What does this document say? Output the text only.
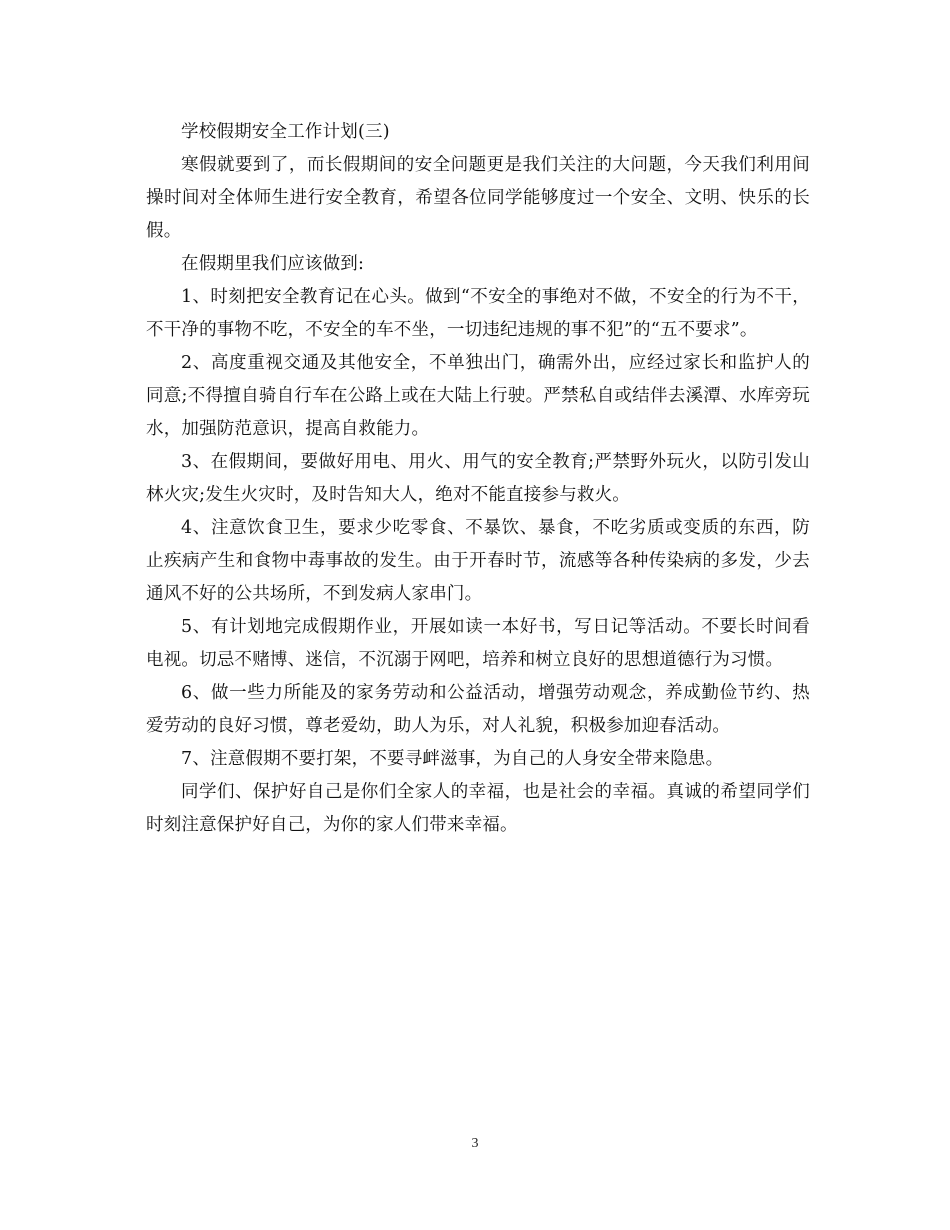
学校假期安全工作计划(三)

寒假就要到了，而长假期间的安全问题更是我们关注的大问题，今天我们利用间操时间对全体师生进行安全教育，希望各位同学能够度过一个安全、文明、快乐的长假。

在假期里我们应该做到:

1、时刻把安全教育记在心头。做到“不安全的事绝对不做，不安全的行为不干，不干净的事物不吃，不安全的车不坐，一切违纪违规的事不犯”的“五不要求”。

2、高度重视交通及其他安全，不单独出门，确需外出，应经过家长和监护人的同意;不得擅自骑自行车在公路上或在大陆上行驶。严禁私自或结伴去溪潭、水库旁玩水，加强防范意识，提高自救能力。

3、在假期间，要做好用电、用火、用气的安全教育;严禁野外玩火，以防引发山林火灾;发生火灾时，及时告知大人，绝对不能直接参与救火。

4、注意饮食卫生，要求少吃零食、不暴饮、暴食，不吃劣质或变质的东西，防止疾病产生和食物中毒事故的发生。由于开春时节，流感等各种传染病的多发，少去通风不好的公共场所，不到发病人家串门。

5、有计划地完成假期作业，开展如读一本好书，写日记等活动。不要长时间看电视。切忌不赌博、迷信，不沉溺于网吧，培养和树立良好的思想道德行为习惯。

6、做一些力所能及的家务劳动和公益活动，增强劳动观念，养成勤俭节约、热爱劳动的良好习惯，尊老爱幼，助人为乐，对人礼貌，积极参加迎春活动。

7、注意假期不要打架，不要寻衅滋事，为自己的人身安全带来隐患。

同学们、保护好自己是你们全家人的幸福，也是社会的幸福。真诚的希望同学们时刻注意保护好自己，为你的家人们带来幸福。

3
